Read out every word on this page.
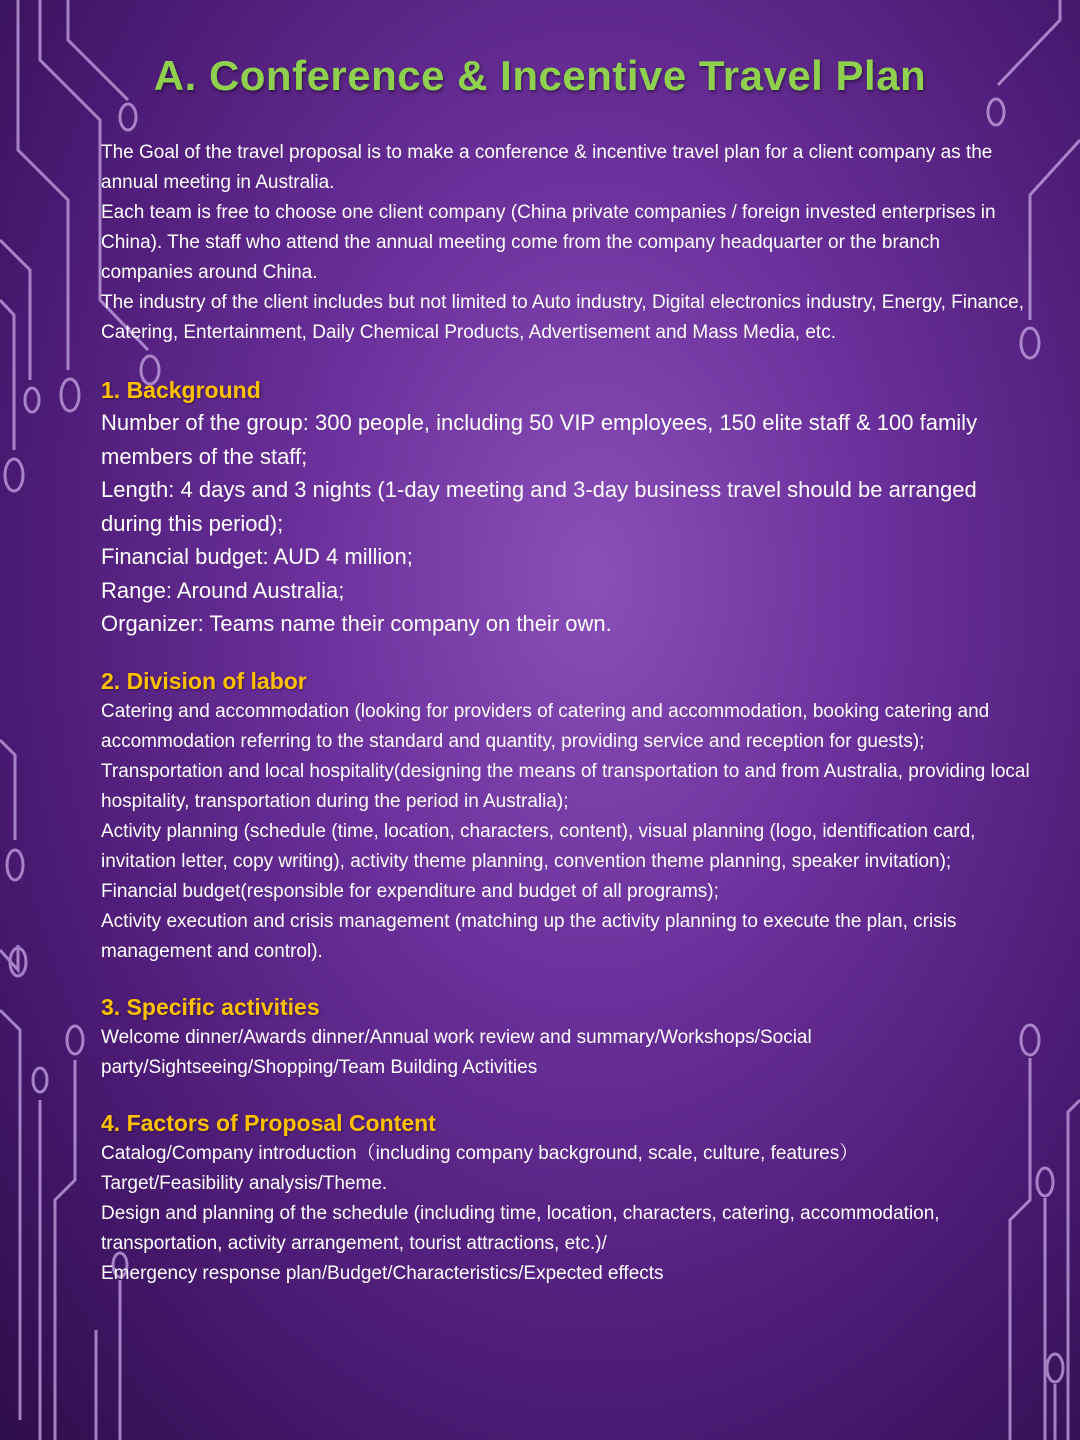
A. Conference & Incentive Travel Plan

The Goal of the travel proposal is to make a conference & incentive travel plan for a client company as the annual meeting in Australia.

Each team is free to choose one client company (China private companies / foreign invested enterprises in China). The staff who attend the annual meeting come from the company headquarter or the branch companies around China.

The industry of the client includes but not limited to Auto industry, Digital electronics industry, Energy, Finance, Catering, Entertainment, Daily Chemical Products, Advertisement and Mass Media, etc.

1. Background

Number of the group: 300 people, including 50 VIP employees, 150 elite staff & 100 family members of the staff;

Length: 4 days and 3 nights (1-day meeting and 3-day business travel should be arranged during this period);

Financial budget: AUD 4 million;

Range: Around Australia;

Organizer: Teams name their company on their own.

2. Division of labor

Catering and accommodation (looking for providers of catering and accommodation, booking catering and accommodation referring to the standard and quantity, providing service and reception for guests);

Transportation and local hospitality(designing the means of transportation to and from Australia, providing local hospitality, transportation during the period in Australia);

Activity planning (schedule (time, location, characters, content), visual planning (logo, identification card, invitation letter, copy writing), activity theme planning, convention theme planning, speaker invitation);

Financial budget(responsible for expenditure and budget of all programs);

Activity execution and crisis management (matching up the activity planning to execute the plan, crisis management and control).

3. Specific activities

Welcome dinner/Awards dinner/Annual work review and summary/Workshops/Social party/Sightseeing/Shopping/Team Building Activities

4. Factors of Proposal Content

Catalog/Company introduction（including company background, scale, culture, features）

Target/Feasibility analysis/Theme.

Design and planning of the schedule (including time, location, characters, catering, accommodation, transportation, activity arrangement, tourist attractions, etc.)/

Emergency response plan/Budget/Characteristics/Expected effects
